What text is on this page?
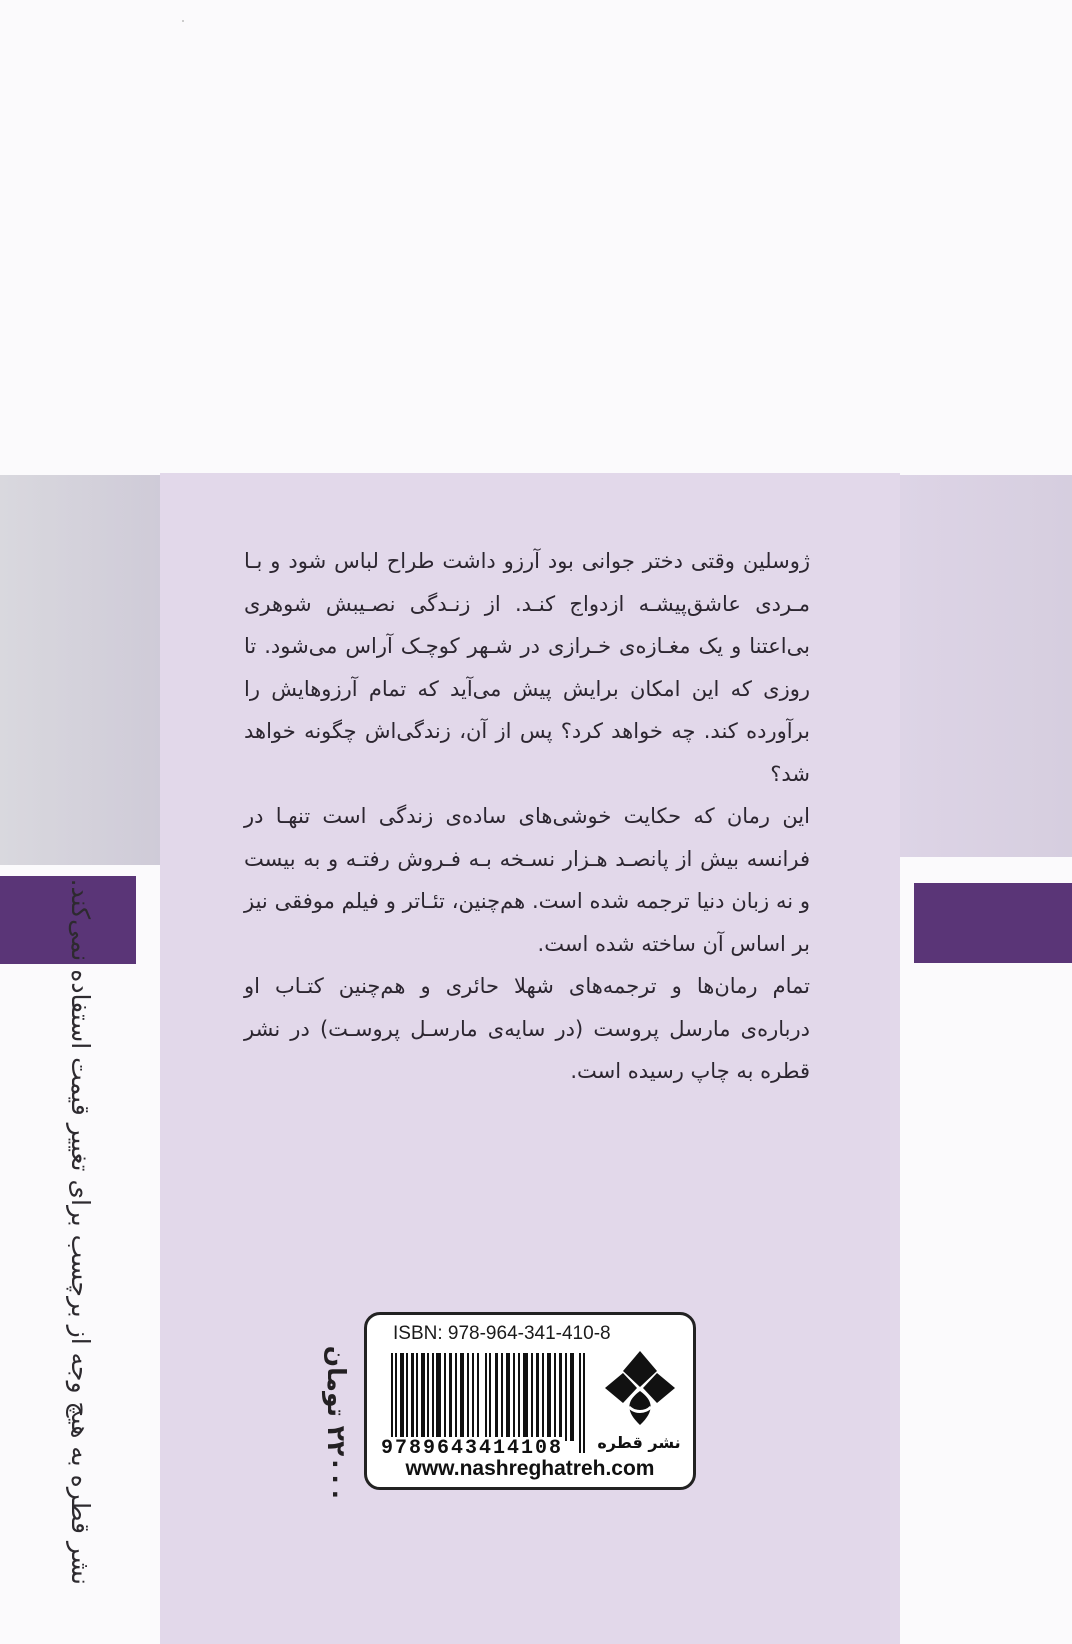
ژوسلین وقتی دختر جوانی بود آرزو داشت طراح لباس شود و بـا مـردی عاشق‌پیشـه ازدواج کنـد. از زنـدگی نصـیبش شوهری بی‌اعتنا و یک مغـازه‌ی خـرازی در شـهر کوچـک آراس می‌شود. تا روزی که این امکان برایش پیش می‌آید که تمام آرزوهایش را برآورده کند. چه خواهد کرد؟ پس از آن، زندگی‌اش چگونه خواهد شد؟

این رمان که حکایت خوشی‌های ساده‌ی زندگی است تنهـا در فرانسه بیش از پانصـد هـزار نسـخه بـه فـروش رفتـه و به بیست و نه زبان دنیا ترجمه شده است. هم‌چنین، تئـاتر و فیلم موفقی نیز بر اساس آن ساخته شده است.

تمام رمان‌ها و ترجمه‌های شهلا حائری و هم‌چنین کتـاب او درباره‌ی مارسل پروست (در سایه‌ی مارسـل پروسـت) در نشر قطره به چاپ رسیده است.

نشر قطره به هیچ وجه از برچسب برای تغییر قیمت استفاده نمی‌کند.	۲۲۰۰۰ تومان
ISBN: 978-964-341-410-8
9789643414108 نشر قطره
www.nashreghatreh.com
